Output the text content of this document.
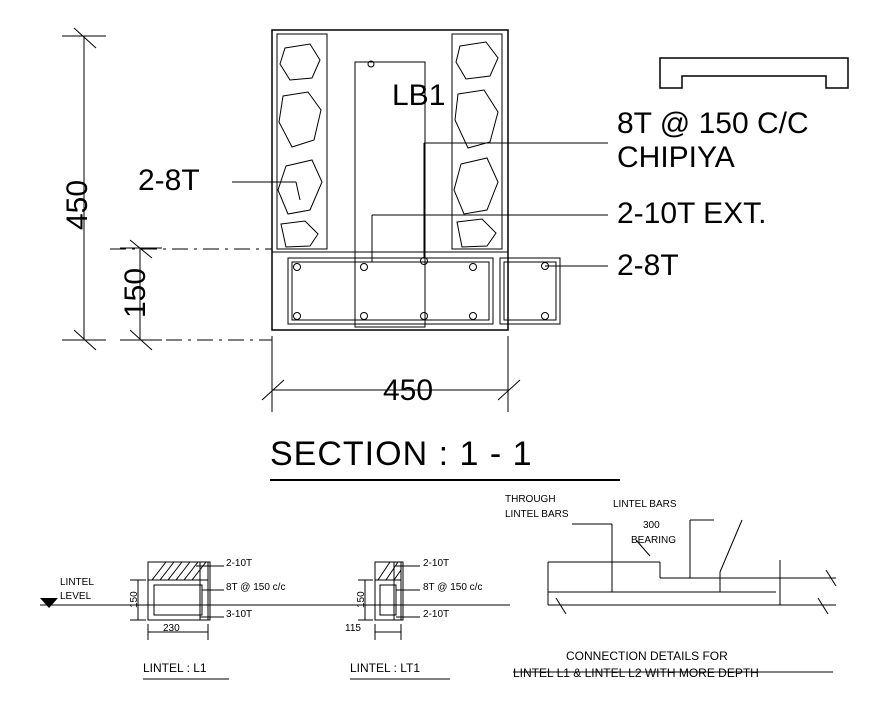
LB1
450
150
450
2-8T
8T @ 150 C/C
CHIPIYA
2-10T EXT.
2-8T
SECTION : 1 - 1
LINTEL
LEVEL	150
230
2-10T
8T @ 150 c/c
3-10T
LINTEL : L1
150
115
2-10T
8T @ 150 c/c
2-10T
LINTEL : LT1
THROUGH
LINTEL BARS
LINTEL BARS
300
BEARING
CONNECTION DETAILS FOR
LINTEL L1 & LINTEL L2 WITH MORE DEPTH
